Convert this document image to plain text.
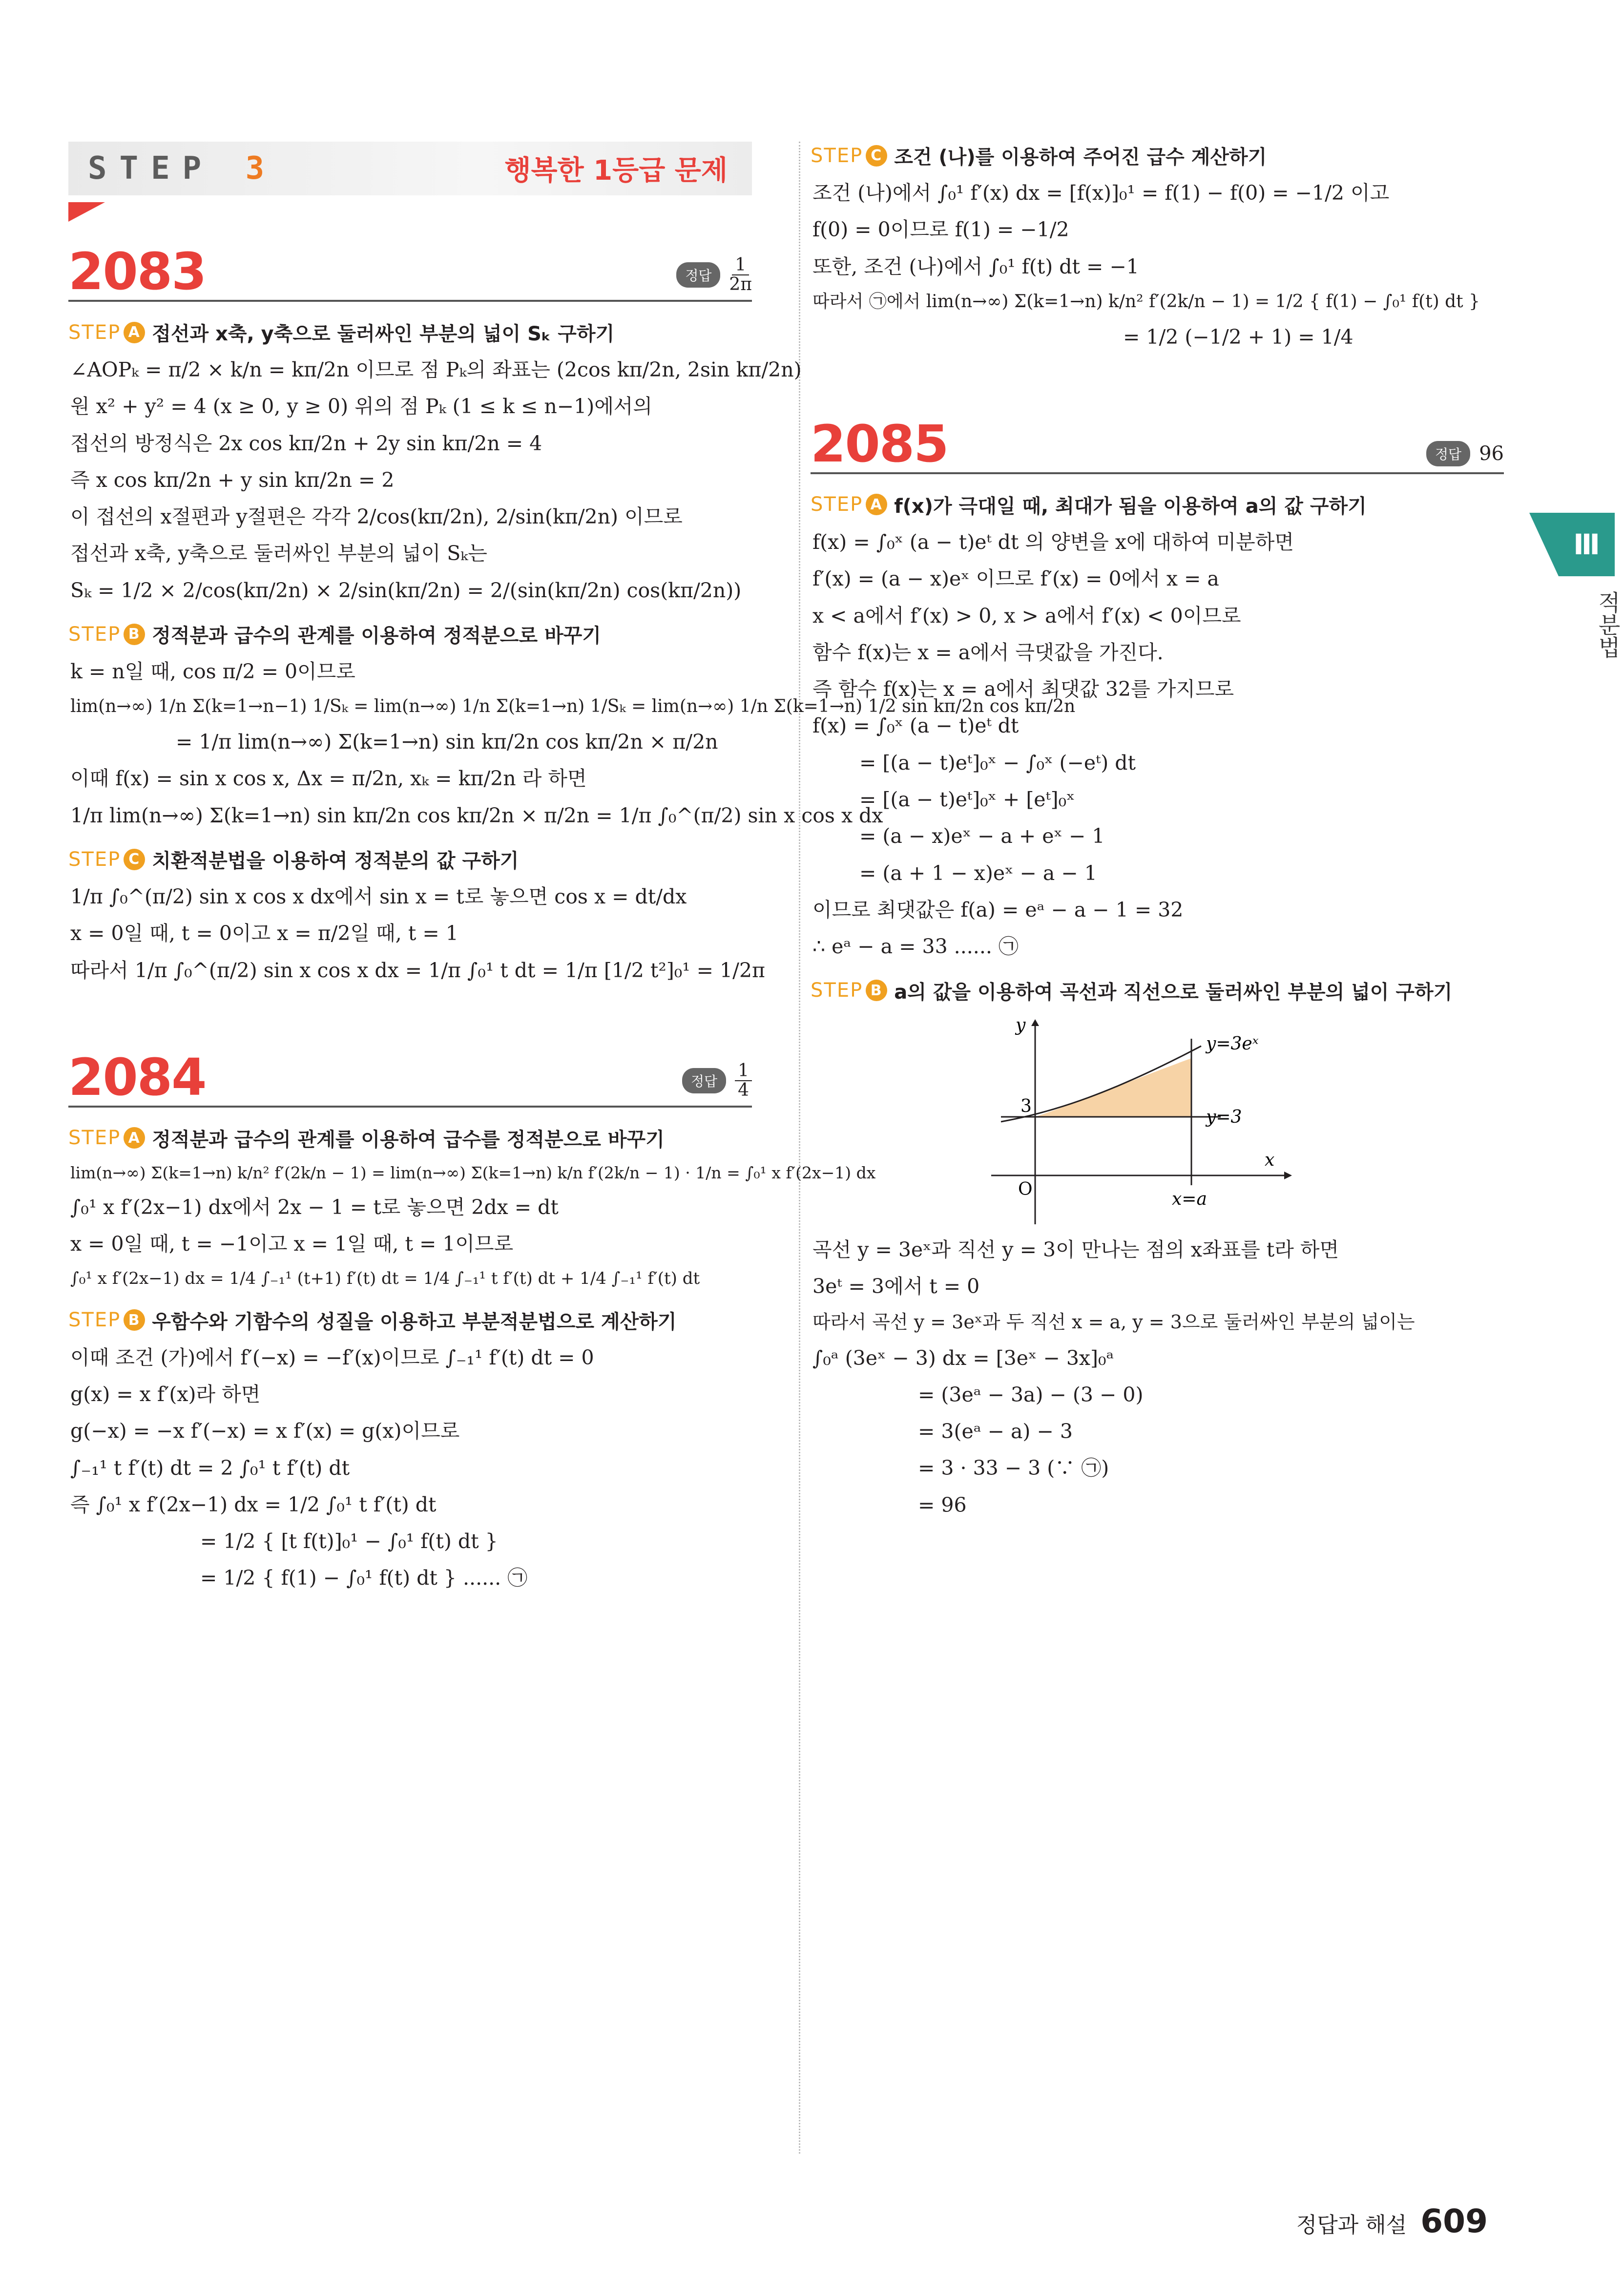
STEP 3	행복한 1등급 문제
2083	정답
1
2π
STEP A 접선과 x축, y축으로 둘러싸인 부분의 넓이 Sₖ 구하기
∠AOPₖ = π/2 × k/n = kπ/2n 이므로 점 Pₖ의 좌표는 (2cos kπ/2n, 2sin kπ/2n)
원 x² + y² = 4 (x ≥ 0, y ≥ 0) 위의 점 Pₖ (1 ≤ k ≤ n−1)에서의
접선의 방정식은 2x cos kπ/2n + 2y sin kπ/2n = 4
즉 x cos kπ/2n + y sin kπ/2n = 2
이 접선의 x절편과 y절편은 각각 2/cos(kπ/2n), 2/sin(kπ/2n) 이므로
접선과 x축, y축으로 둘러싸인 부분의 넓이 Sₖ는
Sₖ = 1/2 × 2/cos(kπ/2n) × 2/sin(kπ/2n) = 2/(sin(kπ/2n) cos(kπ/2n))
STEP B 정적분과 급수의 관계를 이용하여 정적분으로 바꾸기
k = n일 때, cos π/2 = 0이므로
lim(n→∞) 1/n Σ(k=1→n−1) 1/Sₖ = lim(n→∞) 1/n Σ(k=1→n) 1/Sₖ = lim(n→∞) 1/n Σ(k=1→n) 1/2 sin kπ/2n cos kπ/2n
= 1/π lim(n→∞) Σ(k=1→n) sin kπ/2n cos kπ/2n × π/2n
이때 f(x) = sin x cos x, Δx = π/2n, xₖ = kπ/2n 라 하면
1/π lim(n→∞) Σ(k=1→n) sin kπ/2n cos kπ/2n × π/2n = 1/π ∫₀^(π/2) sin x cos x dx
STEP C 치환적분법을 이용하여 정적분의 값 구하기
1/π ∫₀^(π/2) sin x cos x dx에서 sin x = t로 놓으면 cos x = dt/dx
x = 0일 때, t = 0이고 x = π/2일 때, t = 1
따라서 1/π ∫₀^(π/2) sin x cos x dx = 1/π ∫₀¹ t dt = 1/π [1/2 t²]₀¹ = 1/2π
2084	정답
1
4
STEP A 정적분과 급수의 관계를 이용하여 급수를 정적분으로 바꾸기
lim(n→∞) Σ(k=1→n) k/n² f′(2k/n − 1) = lim(n→∞) Σ(k=1→n) k/n f′(2k/n − 1) · 1/n = ∫₀¹ x f′(2x−1) dx
∫₀¹ x f′(2x−1) dx에서 2x − 1 = t로 놓으면 2dx = dt
x = 0일 때, t = −1이고 x = 1일 때, t = 1이므로
∫₀¹ x f′(2x−1) dx = 1/4 ∫₋₁¹ (t+1) f′(t) dt = 1/4 ∫₋₁¹ t f′(t) dt + 1/4 ∫₋₁¹ f′(t) dt
STEP B 우함수와 기함수의 성질을 이용하고 부분적분법으로 계산하기
이때 조건 (가)에서 f′(−x) = −f′(x)이므로 ∫₋₁¹ f′(t) dt = 0
g(x) = x f′(x)라 하면
g(−x) = −x f′(−x) = x f′(x) = g(x)이므로
∫₋₁¹ t f′(t) dt = 2 ∫₀¹ t f′(t) dt
즉 ∫₀¹ x f′(2x−1) dx = 1/2 ∫₀¹ t f′(t) dt
= 1/2 { [t f(t)]₀¹ − ∫₀¹ f(t) dt }
= 1/2 { f(1) − ∫₀¹ f(t) dt } ...... ㉠
STEP C 조건 (나)를 이용하여 주어진 급수 계산하기
조건 (나)에서 ∫₀¹ f′(x) dx = [f(x)]₀¹ = f(1) − f(0) = −1/2 이고
f(0) = 0이므로 f(1) = −1/2
또한, 조건 (나)에서 ∫₀¹ f(t) dt = −1
따라서 ㉠에서 lim(n→∞) Σ(k=1→n) k/n² f′(2k/n − 1) = 1/2 { f(1) − ∫₀¹ f(t) dt }
= 1/2 (−1/2 + 1) = 1/4
2085	정답 96
STEP A f(x)가 극대일 때, 최대가 됨을 이용하여 a의 값 구하기
f(x) = ∫₀ˣ (a − t)eᵗ dt 의 양변을 x에 대하여 미분하면
f′(x) = (a − x)eˣ 이므로 f′(x) = 0에서 x = a
x < a에서 f′(x) > 0, x > a에서 f′(x) < 0이므로
함수 f(x)는 x = a에서 극댓값을 가진다.
즉 함수 f(x)는 x = a에서 최댓값 32를 가지므로
f(x) = ∫₀ˣ (a − t)eᵗ dt
= [(a − t)eᵗ]₀ˣ − ∫₀ˣ (−eᵗ) dt
= [(a − t)eᵗ]₀ˣ + [eᵗ]₀ˣ
= (a − x)eˣ − a + eˣ − 1
= (a + 1 − x)eˣ − a − 1
이므로 최댓값은 f(a) = eᵃ − a − 1 = 32
∴ eᵃ − a = 33 ...... ㉠
STEP B a의 값을 이용하여 곡선과 직선으로 둘러싸인 부분의 넓이 구하기
y
x
O
3
y=3eˣ
y=3
x=a
곡선 y = 3eˣ과 직선 y = 3이 만나는 점의 x좌표를 t라 하면
3eᵗ = 3에서 t = 0
따라서 곡선 y = 3eˣ과 두 직선 x = a, y = 3으로 둘러싸인 부분의 넓이는
∫₀ᵃ (3eˣ − 3) dx = [3eˣ − 3x]₀ᵃ
= (3eᵃ − 3a) − (3 − 0)
= 3(eᵃ − a) − 3
= 3 · 33 − 3 (∵ ㉠)
= 96
Ⅲ
적분법
정답과 해설 609
